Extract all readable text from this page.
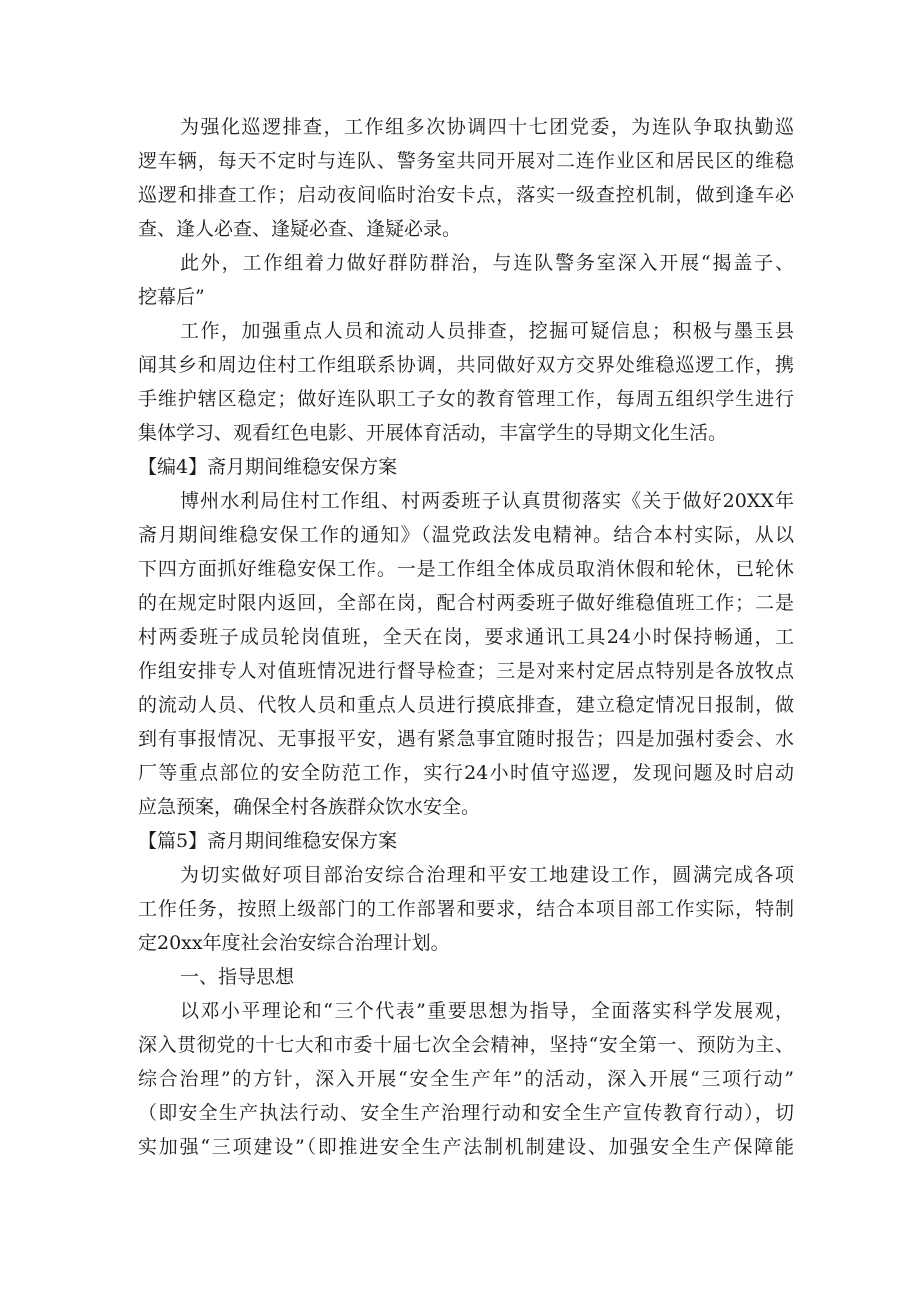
为强化巡逻排查，工作组多次协调四十七团党委，为连队争取执勤巡
逻车辆，每天不定时与连队、警务室共同开展对二连作业区和居民区的维稳
巡逻和排查工作；启动夜间临时治安卡点，落实一级查控机制，做到逢车必
查、逢人必查、逢疑必查、逢疑必录。
此外，工作组着力做好群防群治，与连队警务室深入开展“揭盖子、
挖幕后”
工作，加强重点人员和流动人员排查，挖掘可疑信息；积极与墨玉县
闻其乡和周边住村工作组联系协调，共同做好双方交界处维稳巡逻工作，携
手维护辖区稳定；做好连队职工子女的教育管理工作，每周五组织学生进行
集体学习、观看红色电影、开展体育活动，丰富学生的导期文化生活。
【编4】斋月期间维稳安保方案
博州水利局住村工作组、村两委班子认真贯彻落实《关于做好20XX年
斋月期间维稳安保工作的通知》（温党政法发电精神。结合本村实际，从以
下四方面抓好维稳安保工作。一是工作组全体成员取消休假和轮休，已轮休
的在规定时限内返回，全部在岗，配合村两委班子做好维稳值班工作；二是
村两委班子成员轮岗值班，全天在岗，要求通讯工具24小时保持畅通，工
作组安排专人对值班情况进行督导检查；三是对来村定居点特别是各放牧点
的流动人员、代牧人员和重点人员进行摸底排查，建立稳定情况日报制，做
到有事报情况、无事报平安，遇有紧急事宜随时报告；四是加强村委会、水
厂等重点部位的安全防范工作，实行24小时值守巡逻，发现问题及时启动
应急预案，确保全村各族群众饮水安全。
【篇5】斋月期间维稳安保方案
为切实做好项目部治安综合治理和平安工地建设工作，圆满完成各项
工作任务，按照上级部门的工作部署和要求，结合本项目部工作实际，特制
定20xx年度社会治安综合治理计划。
一、指导思想
以邓小平理论和“三个代表”重要思想为指导，全面落实科学发展观，
深入贯彻党的十七大和市委十届七次全会精神，坚持“安全第一、预防为主、
综合治理”的方针，深入开展“安全生产年”的活动，深入开展“三项行动”
（即安全生产执法行动、安全生产治理行动和安全生产宣传教育行动），切
实加强“三项建设”（即推进安全生产法制机制建设、加强安全生产保障能
